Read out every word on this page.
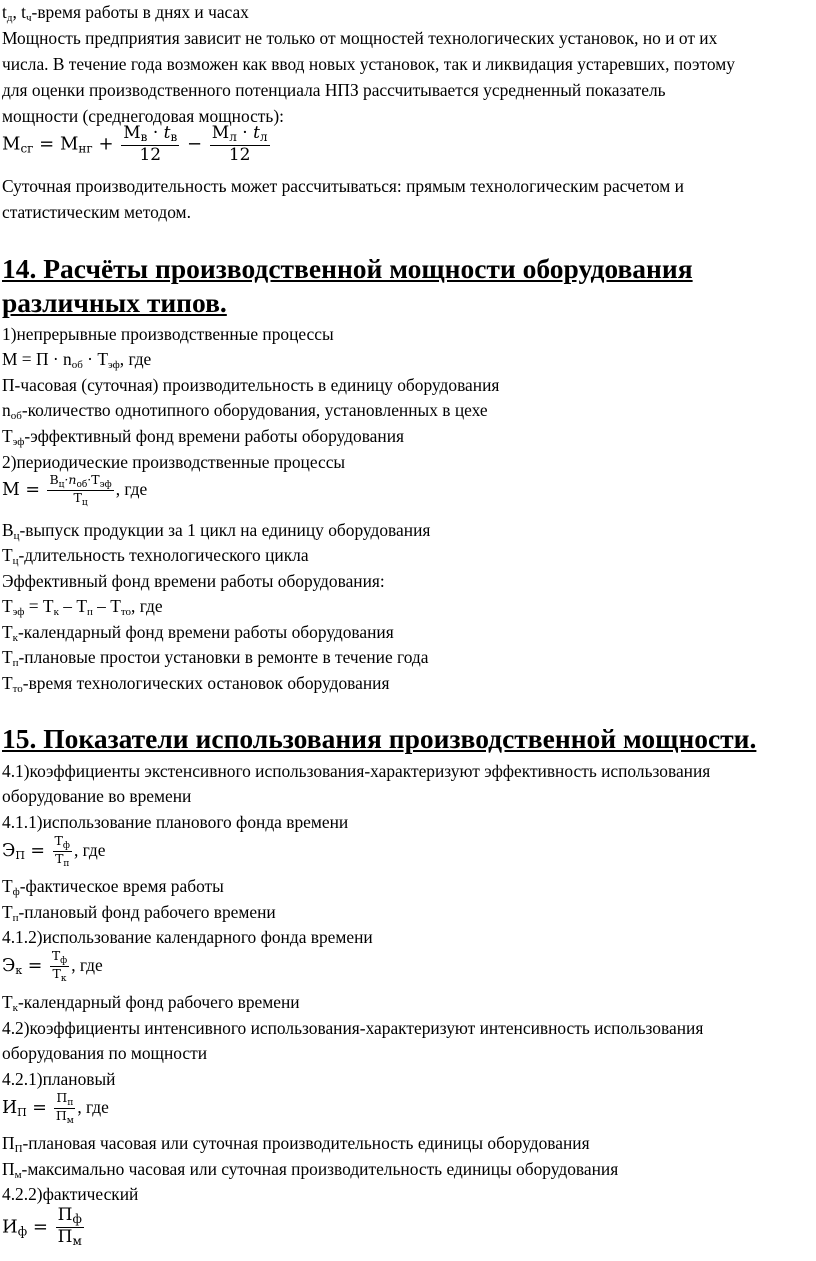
$t_д$, $t_ч$-время работы в днях и часах
Мощность предприятия зависит не только от мощностей технологических установок, но и от их
числа. В течение года возможен как ввод новых установок, так и ликвидация устаревших, поэтому
для оценки производственного потенциала НПЗ рассчитывается усредненный показатель
мощности (среднегодовая мощность):
Мсг = Мнг + $\frac{Мв \cdot tв}{12} - \frac{Мл \cdot tл}{12}$
Суточная производительность может рассчитываться: прямым технологическим расчетом и
статистическим методом.
14. Расчёты производственной мощности оборудования
различных типов.
1)непрерывные производственные процессы
$М = П \cdot n_{об} \cdot Т_{эф}$, где
П-часовая (суточная) производительность в единицу оборудования
$n_{об}$-количество однотипного оборудования, установленных в цехе
$Т_{эф}$-эффективный фонд времени работы оборудования
2)периодические производственные процессы
$М = \frac{В_ц\cdot n_{об}\cdot Т_{эф}}{Т_ц}$ , где
$В_ц$-выпуск продукции за 1 цикл на единицу оборудования
$Т_ц$-длительность технологического цикла
Эффективный фонд времени работы оборудования:
$Т_{эф} = Т_к - Т_п - Т_{то}$, где
$Т_к$-календарный фонд времени работы оборудования
$Т_п$-плановые простои установки в ремонте в течение года
$Т_{то}$-время технологических остановок оборудования
15. Показатели использования производственной мощности.
4.1)коэффициенты экстенсивного использования-характеризуют эффективность использования
оборудование во времени
4.1.1)использование планового фонда времени
$Э_П = \frac{Т_ф}{Т_п}$ , где
$Т_ф$-фактическое время работы
$Т_п$-плановый фонд рабочего времени
4.1.2)использование календарного фонда времени
$Э_к = \frac{Т_ф}{Т_к}$ , где
$Т_к$-календарный фонд рабочего времени
4.2)коэффициенты интенсивного использования-характеризуют интенсивность использования
оборудования по мощности
4.2.1)плановый
$И_П = \frac{П_п}{П_м}$ , где
$П_П$-плановая часовая или суточная производительность единицы оборудования
$П_м$-максимально часовая или суточная производительность единицы оборудования
4.2.2)фактический
Иф = $\frac{Пф}{Пм}$
